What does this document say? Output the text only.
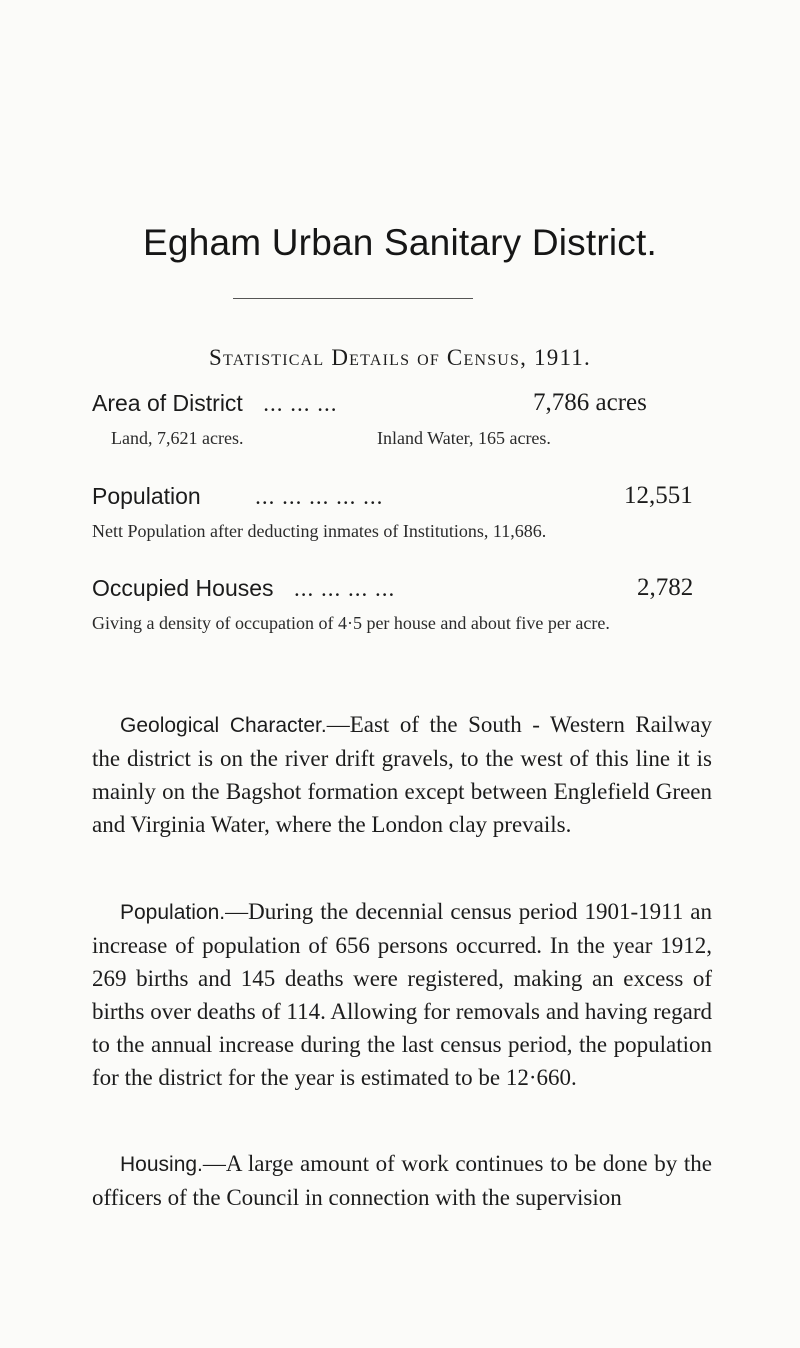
Egham Urban Sanitary District.
Statistical Details of Census, 1911.
Area of District ... ... ...	7,786 acres
Land, 7,621 acres.	Inland Water, 165 acres.
Population ... ... ... ... ...	12,551
Nett Population after deducting inmates of Institutions, 11,686.
Occupied Houses ... ... ... ...	2,782
Giving a density of occupation of 4·5 per house and about five per acre.
Geological Character.—East of the South - Western Railway the district is on the river drift gravels, to the west of this line it is mainly on the Bagshot formation except between Englefield Green and Virginia Water, where the London clay prevails.
Population.—During the decennial census period 1901-1911 an increase of population of 656 persons occurred. In the year 1912, 269 births and 145 deaths were registered, making an excess of births over deaths of 114. Allowing for removals and having regard to the annual increase during the last census period, the population for the district for the year is estimated to be 12·660.
Housing.—A large amount of work continues to be done by the officers of the Council in connection with the supervision
